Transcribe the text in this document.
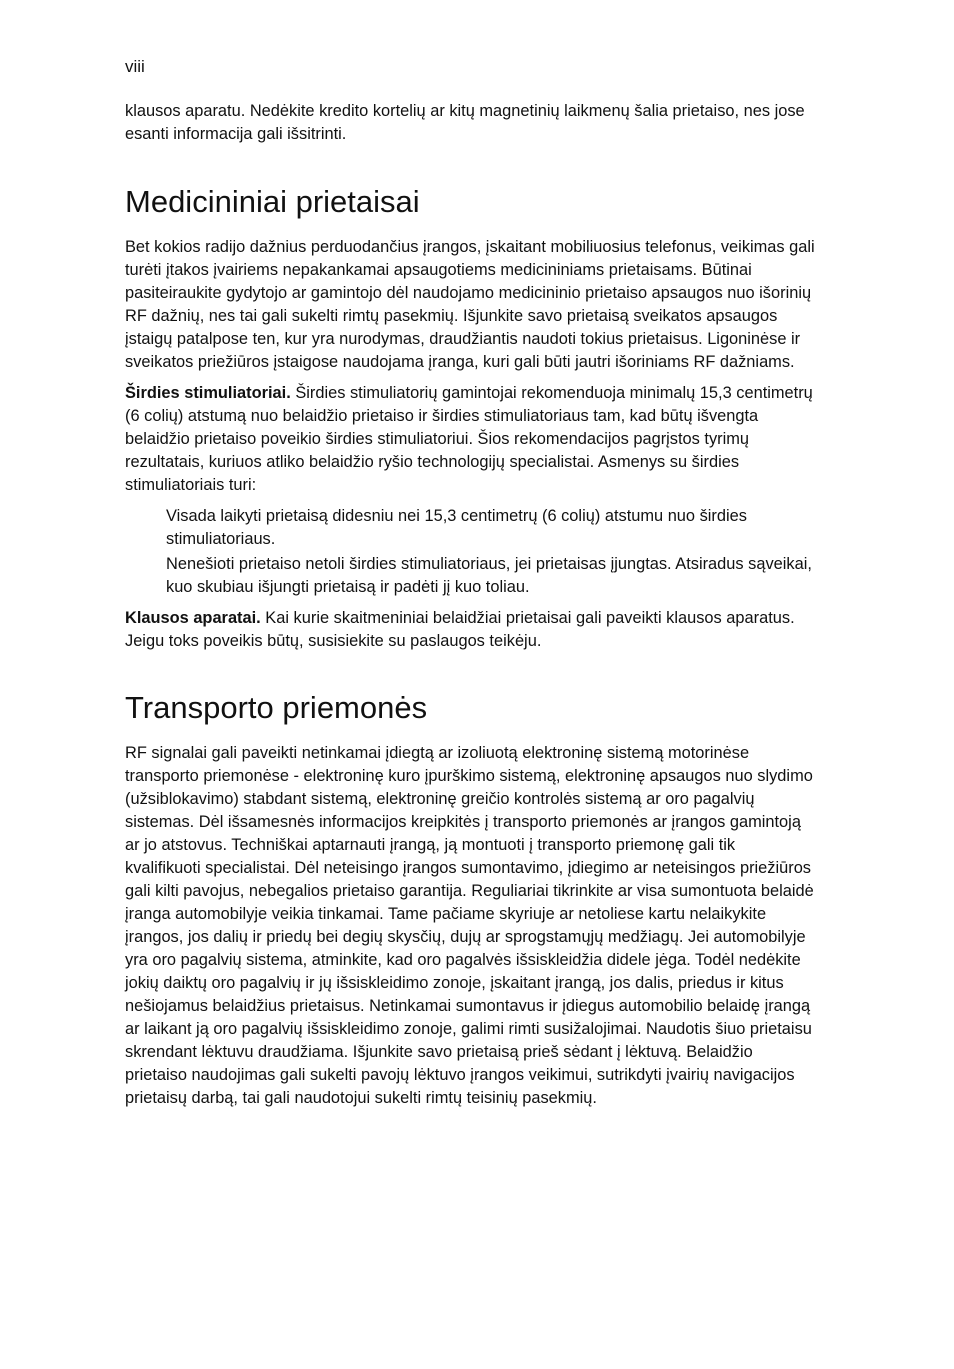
viii

klausos aparatu. Nedėkite kredito kortelių ar kitų magnetinių laikmenų šalia prietaiso, nes jose esanti informacija gali išsitrinti.

Medicininiai prietaisai

Bet kokios radijo dažnius perduodančius įrangos, įskaitant mobiliuosius telefonus, veikimas gali turėti įtakos įvairiems nepakankamai apsaugotiems medicininiams prietaisams. Būtinai pasiteiraukite gydytojo ar gamintojo dėl naudojamo medicininio prietaiso apsaugos nuo išorinių RF dažnių, nes tai gali sukelti rimtų pasekmių. Išjunkite savo prietaisą sveikatos apsaugos įstaigų patalpose ten, kur yra nurodymas, draudžiantis naudoti tokius prietaisus. Ligoninėse ir sveikatos priežiūros įstaigose naudojama įranga, kuri gali būti jautri išoriniams RF dažniams.

Širdies stimuliatoriai. Širdies stimuliatorių gamintojai rekomenduoja minimalų 15,3 centimetrų (6 colių) atstumą nuo belaidžio prietaiso ir širdies stimuliatoriaus tam, kad būtų išvengta belaidžio prietaiso poveikio širdies stimuliatoriui. Šios rekomendacijos pagrįstos tyrimų rezultatais, kuriuos atliko belaidžio ryšio technologijų specialistai. Asmenys su širdies stimuliatoriais turi:

Visada laikyti prietaisą didesniu nei 15,3 centimetrų (6 colių) atstumu nuo širdies stimuliatoriaus.
Nenešioti prietaiso netoli širdies stimuliatoriaus, jei prietaisas įjungtas. Atsiradus sąveikai, kuo skubiau išjungti prietaisą ir padėti jį kuo toliau.

Klausos aparatai. Kai kurie skaitmeniniai belaidžiai prietaisai gali paveikti klausos aparatus. Jeigu toks poveikis būtų, susisiekite su paslaugos teikėju.

Transporto priemonės

RF signalai gali paveikti netinkamai įdiegtą ar izoliuotą elektroninę sistemą motorinėse transporto priemonėse - elektroninę kuro įpurškimo sistemą, elektroninę apsaugos nuo slydimo (užsiblokavimo) stabdant sistemą, elektroninę greičio kontrolės sistemą ar oro pagalvių sistemas. Dėl išsamesnės informacijos kreipkitės į transporto priemonės ar įrangos gamintoją ar jo atstovus. Techniškai aptarnauti įrangą, ją montuoti į transporto priemonę gali tik kvalifikuoti specialistai. Dėl neteisingo įrangos sumontavimo, įdiegimo ar neteisingos priežiūros gali kilti pavojus, nebegalios prietaiso garantija. Reguliariai tikrinkite ar visa sumontuota belaidė įranga automobilyje veikia tinkamai. Tame pačiame skyriuje ar netoliese kartu nelaikykite įrangos, jos dalių ir priedų bei degių skysčių, dujų ar sprogstamųjų medžiagų. Jei automobilyje yra oro pagalvių sistema, atminkite, kad oro pagalvės išsiskleidžia didele jėga. Todėl nedėkite jokių daiktų oro pagalvių ir jų išsiskleidimo zonoje, įskaitant įrangą, jos dalis, priedus ir kitus nešiojamus belaidžius prietaisus. Netinkamai sumontavus ir įdiegus automobilio belaidę įrangą ar laikant ją oro pagalvių išsiskleidimo zonoje, galimi rimti susižalojimai. Naudotis šiuo prietaisu skrendant lėktuvu draudžiama. Išjunkite savo prietaisą prieš sėdant į lėktuvą. Belaidžio prietaiso naudojimas gali sukelti pavojų lėktuvo įrangos veikimui, sutrikdyti įvairių navigacijos prietaisų darbą, tai gali naudotojui sukelti rimtų teisinių pasekmių.
